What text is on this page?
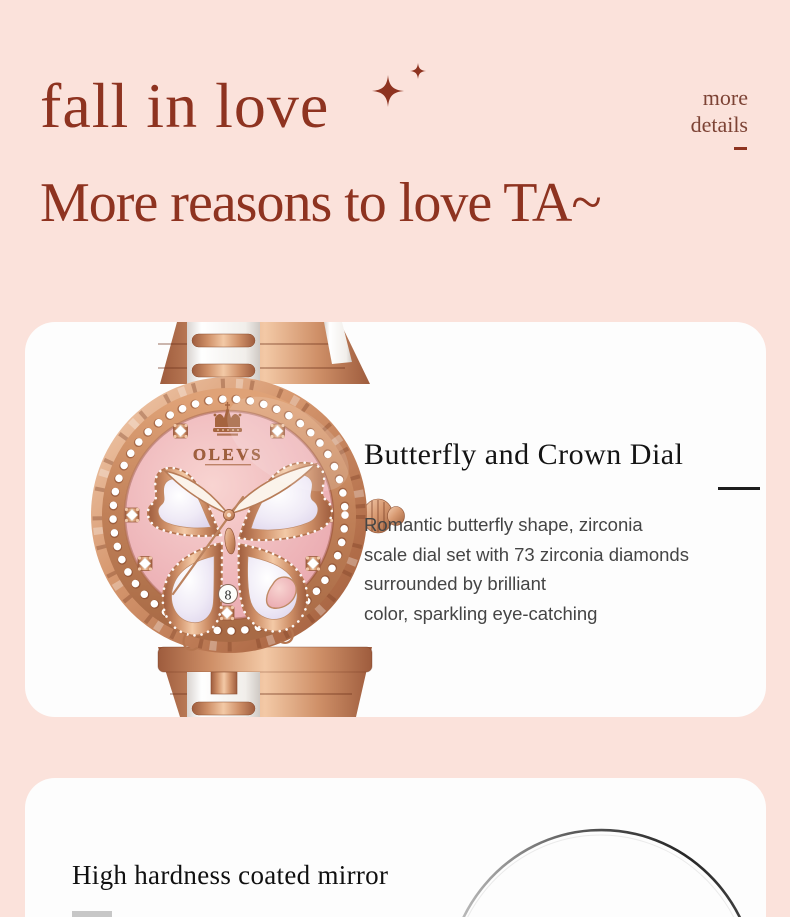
fall in love	more
details
More reasons to love TA~
OLEVS
8
Butterfly and Crown Dial
Romantic butterfly shape, zirconia
scale dial set with 73 zirconia diamonds
surrounded by brilliant
color, sparkling eye-catching
High hardness coated mirror
